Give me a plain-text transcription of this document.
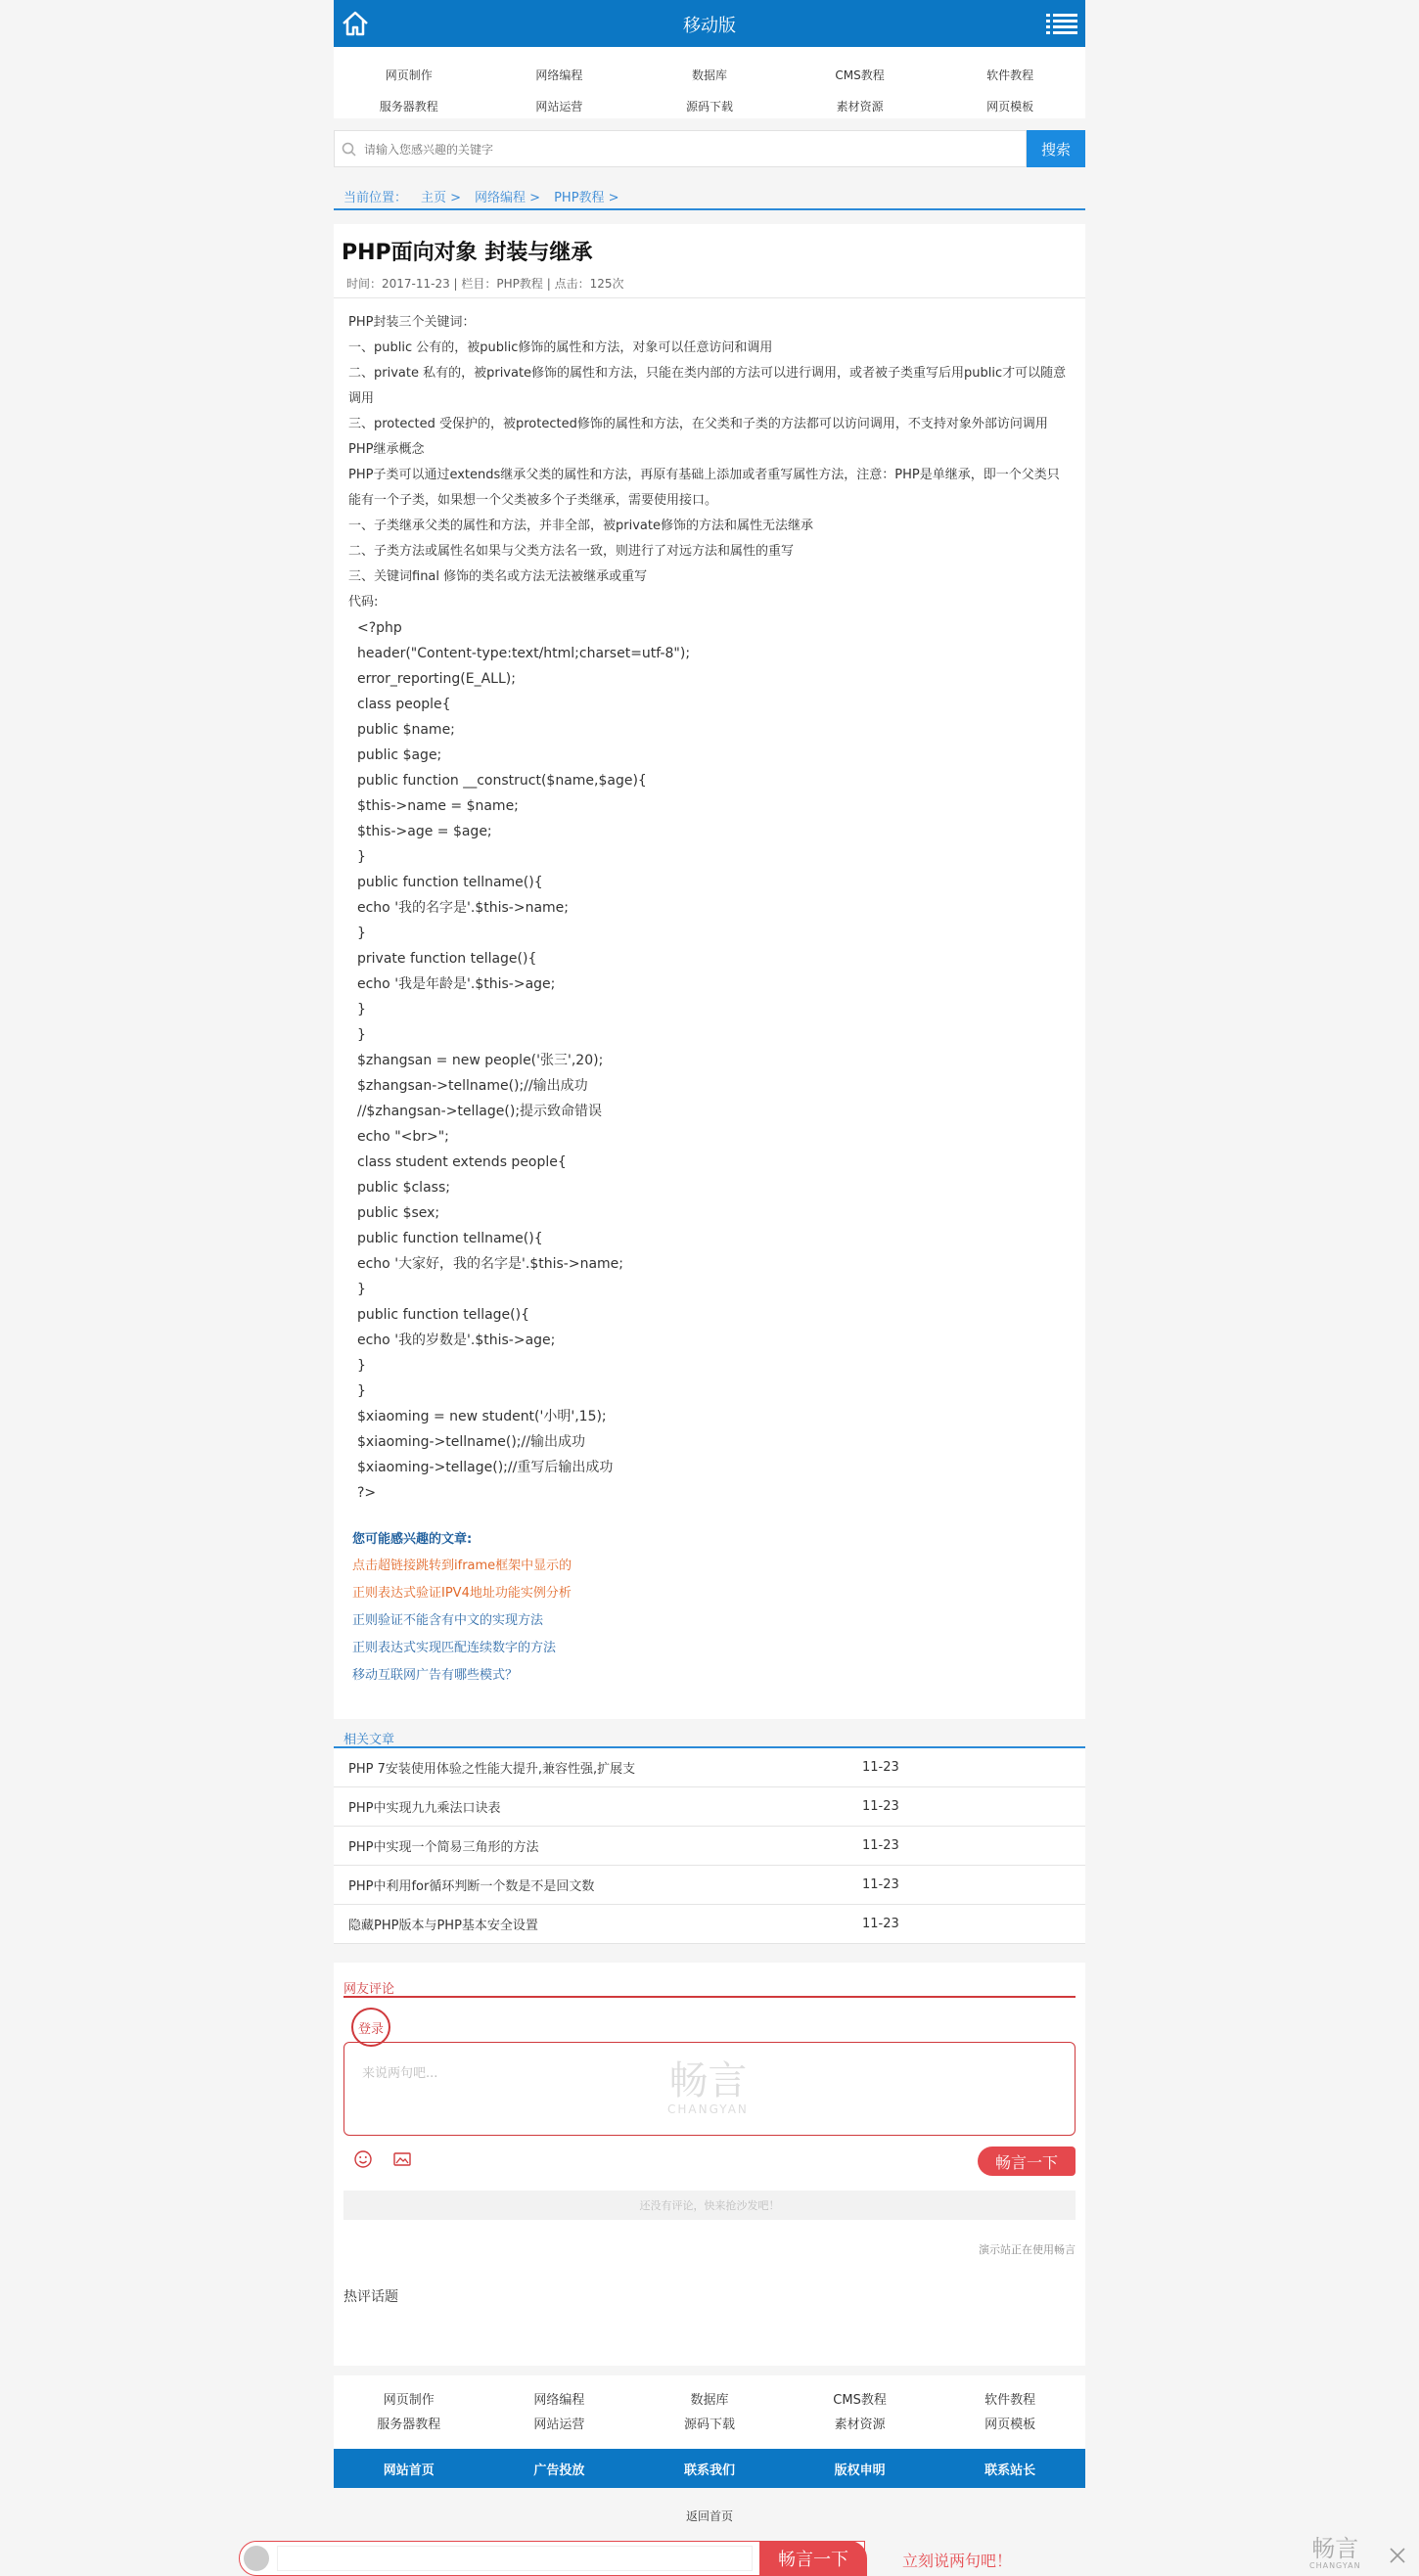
移动版
网页制作	网络编程	数据库	CMS教程	软件教程
服务器教程	网站运营	源码下载	素材资源	网页模板
请输入您感兴趣的关键字
搜索
当前位置： 主页 > 网络编程 > PHP教程 >
PHP面向对象 封装与继承
时间：2017-11-23 | 栏目：PHP教程 | 点击：125次

PHP封装三个关键词：

一、public 公有的，被public修饰的属性和方法，对象可以任意访问和调用

二、private 私有的，被private修饰的属性和方法，只能在类内部的方法可以进行调用，或者被子类重写后用public才可以随意调用

三、protected 受保护的，被protected修饰的属性和方法，在父类和子类的方法都可以访问调用，不支持对象外部访问调用

PHP继承概念

PHP子类可以通过extends继承父类的属性和方法，再原有基础上添加或者重写属性方法，注意：PHP是单继承，即一个父类只能有一个子类，如果想一个父类被多个子类继承，需要使用接口。

一、子类继承父类的属性和方法，并非全部，被private修饰的方法和属性无法继承

二、子类方法或属性名如果与父类方法名一致，则进行了对远方法和属性的重写

三、关键词final 修饰的类名或方法无法被继承或重写

代码:

<?php

header("Content-type:text/html;charset=utf-8");

error_reporting(E_ALL);

class people{

public $name;

public $age;

public function __construct($name,$age){

$this->name = $name;

$this->age = $age;

}

public function tellname(){

echo '我的名字是'.$this->name;

}

private function tellage(){

echo '我是年龄是'.$this->age;

}

}

$zhangsan = new people('张三',20);

$zhangsan->tellname();//输出成功

//$zhangsan->tellage();提示致命错误

echo "<br>";

class student extends people{

public $class;

public $sex;

public function tellname(){

echo '大家好，我的名字是'.$this->name;

}

public function tellage(){

echo '我的岁数是'.$this->age;

}

}

$xiaoming = new student('小明',15);

$xiaoming->tellname();//输出成功

$xiaoming->tellage();//重写后输出成功

?>

您可能感兴趣的文章:

点击超链接跳转到iframe框架中显示的

正则表达式验证IPV4地址功能实例分析

正则验证不能含有中文的实现方法

正则表达式实现匹配连续数字的方法

移动互联网广告有哪些模式？

相关文章
PHP 7安装使用体验之性能大提升,兼容性强,扩展支	11-23
PHP中实现九九乘法口诀表	11-23
PHP中实现一个简易三角形的方法	11-23
PHP中利用for循环判断一个数是不是回文数	11-23
隐藏PHP版本与PHP基本安全设置	11-23
网友评论
登录
来说两句吧...	畅言
CHANGYAN
畅言一下
还没有评论，快来抢沙发吧！
演示站正在使用畅言
热评话题
网页制作	网络编程	数据库	CMS教程	软件教程
服务器教程	网站运营	源码下载	素材资源	网页模板
网站首页	广告投放	联系我们	版权申明	联系站长
返回首页
畅言一下	立刻说两句吧！	畅言
CHANGYAN
